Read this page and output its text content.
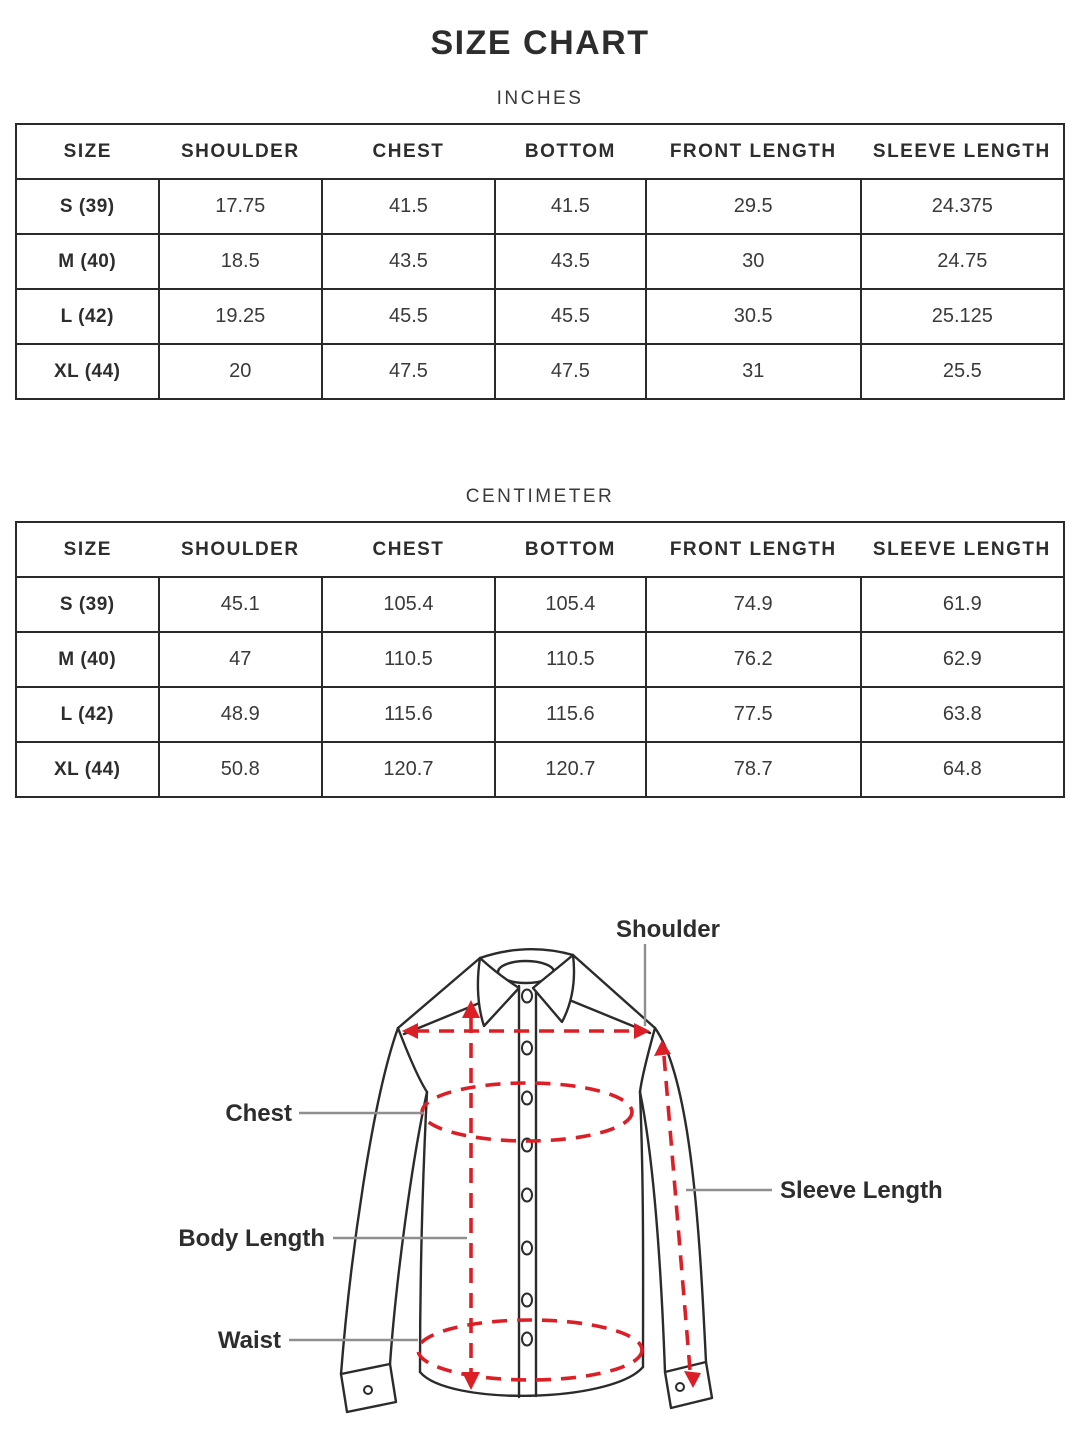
SIZE CHART
INCHES
SIZE	SHOULDER	CHEST	BOTTOM	FRONT LENGTH	SLEEVE LENGTH
S (39)	17.75	41.5	41.5	29.5	24.375
M (40)	18.5	43.5	43.5	30	24.75
L (42)	19.25	45.5	45.5	30.5	25.125
XL (44)	20	47.5	47.5	31	25.5
CENTIMETER
SIZE	SHOULDER	CHEST	BOTTOM	FRONT LENGTH	SLEEVE LENGTH
S (39)	45.1	105.4	105.4	74.9	61.9
M (40)	47	110.5	110.5	76.2	62.9
L (42)	48.9	115.6	115.6	77.5	63.8
XL (44)	50.8	120.7	120.7	78.7	64.8
Shoulder
Chest
Body Length
Waist
Sleeve Length
